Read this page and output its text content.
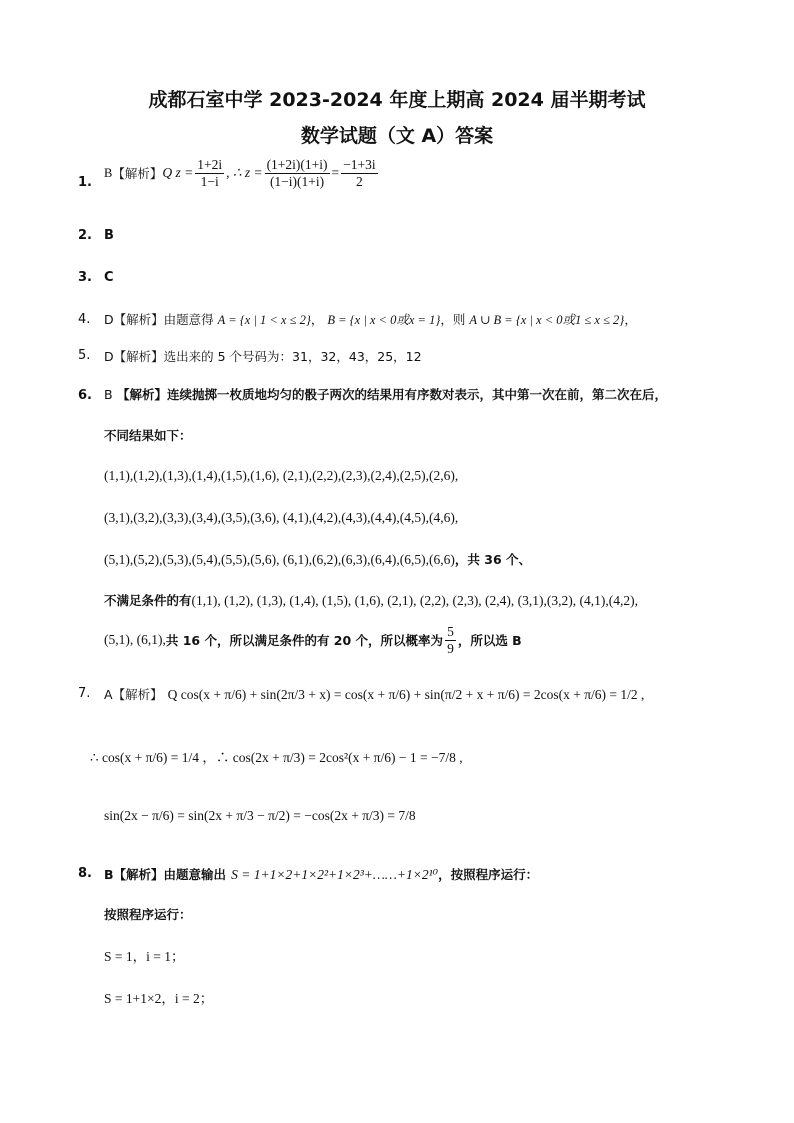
成都石室中学 2023-2024 年度上期高 2024 届半期考试
数学试题（文 A）答案
1.
B 【解析】 Q $z = \frac{1+2i}{1-i}$ , ∴ $z = \frac{(1+2i)(1+i)}{(1-i)(1+i)} = \frac{-1+3i}{2}$
2. B
3. C
4. D【解析】由题意得 A = {x | 1 < x ≤ 2}， B = {x | x < 0或x = 1}，则 A ∪ B = {x | x < 0或1 ≤ x ≤ 2}，
5. D【解析】选出来的 5 个号码为：31，32，43，25，12
6. B 【解析】连续抛掷一枚质地均匀的骰子两次的结果用有序数对表示，其中第一次在前，第二次在后，
不同结果如下：
(1,1),(1,2),(1,3),(1,4),(1,5),(1,6), (2,1),(2,2),(2,3),(2,4),(2,5),(2,6),
(3,1),(3,2),(3,3),(3,4),(3,5),(3,6), (4,1),(4,2),(4,3),(4,4),(4,5),(4,6),
(5,1),(5,2),(5,3),(5,4),(5,5),(5,6), (6,1),(6,2),(6,3),(6,4),(6,5),(6,6)，共 36 个、
不满足条件的有(1,1), (1,2), (1,3), (1,4), (1,5), (1,6), (2,1), (2,2), (2,3), (2,4), (3,1),(3,2), (4,1),(4,2),
(5,1), (6,1), 共 16 个，所以满足条件的有 20 个，所以概率为 $\frac{5}{9}$ ，所以选 B
7. A【解析】 Q cos(x + π/6) + sin(2π/3 + x) = cos(x + π/6) + sin(π/2 + x + π/6) = 2cos(x + π/6) = 1/2 ,
∴ cos(x + π/6) = 1/4 ，∴ cos(2x + π/3) = 2cos²(x + π/6) − 1 = −7/8 ,
sin(2x − π/6) = sin(2x + π/3 − π/2) = −cos(2x + π/3) = 7/8
8. B【解析】由题意输出 S = 1+1×2+1×2²+1×2³+……+1×2¹⁰，按照程序运行：
按照程序运行：
S = 1，i = 1；
S = 1+1×2，i = 2；
